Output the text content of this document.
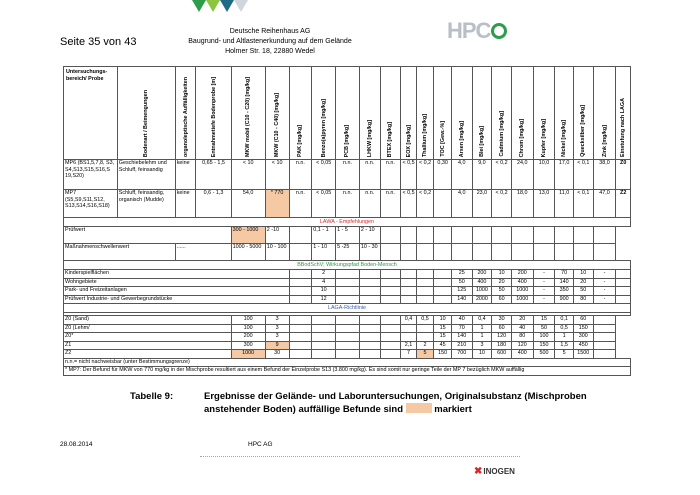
Seite 35 von 43
Deutsche Reihenhaus AG
Baugrund- und Altlastenerkundung auf dem Gelände
Holmer Str. 18, 22880 Wedel
HPC
Untersuchungs-bereich/ Probe	Bodenart / Beimengungen	organoleptische Auffälligkeiten	Entnahmetiefe Bodenprobe [m]	MKW mobil (C10 - C20) [mg/kg]	MKW (C10 - C40) [mg/kg]	PAK [mg/kg]	Benzo(a)pyren [mg/kg]	PCB [mg/kg]	LHKW [mg/kg]	BTEX [mg/kg]	EOX [mg/kg]	Thallium [mg/kg]	TOC [Gew.-%]	Arsen [mg/kg]	Blei [mg/kg]	Cadmium [mg/kg]	Chrom [mg/kg]	Kupfer [mg/kg]	Nickel [mg/kg]	Quecksilber [mg/kg]	Zink [mg/kg]	Einstufung nach LAGA

MP6 (BS1,5,7,8, S3, S4,S13,S15,S16,S 19,S20)	Geschiebelehm und Schluff, feinsandig	keine	0,65 - 1,5	< 10	< 10	n.n.	< 0,05	n.n.	n.n.	n.n.	< 0,5	< 0,2	0,30	4,0	9,0	< 0,2	24,0	10,0	17,0	< 0,1	38,0	Z0
MP7 (S5,S9,S11,S12, S13,S14,S16,S18)	Schluff, feinsandig, organisch (Mudde)	keine	0,6 - 1,3	54,0	* 770	n.n.	< 0,05	n.n.	n.n.	n.n.	< 0,5	< 0,2		4,0	23,0	< 0,2	18,0	13,0	11,0	< 0,1	47,0	Z2
LAWA - Empfehlungen																						
Prüfwert				300 - 1000	2 -10		0,1 - 1	1 - 5	2 - 10													
Maßnahmenschwellenwert		......		1000 - 5000	10 - 100		1 - 10	5 -25	10 - 30													
BBodSchV; Wirkungspfad Boden-Mensch																						
Kinderspielflächen							2							25	200	10	200	-	70	10	-	
Wohngebiete							4							50	400	20	400	-	140	20	-	
Park- und Freizeitanlagen							10							125	1000	50	1000	-	350	50	-	
Prüfwert Industrie- und Gewerbegrundstücke							12							140	2000	60	1000	-	900	80	-	
LAGA-Richtlinie																						

Z0 (Sand)				100	3						0,4	0,5	10	40	0,4	30	20	15	0,1	60		
Z0 (Lehm/				100	3								15	70	1	60	40	50	0,5	150		
Z0*				200	3								15	140	1	120	80	100	1	300		
Z1				300	9						2,1	2	45	210	3	180	120	150	1,5	450		
Z2				1000	30						7	5	150	700	10	600	400	500	5	1500		
n.n.= nicht nachweisbar (unter Bestimmungsgrenze)																						
* MP7: Der Befund für MKW von 770 mg/kg in der Mischprobe resultiert aus einem Befund der Einzelprobe S13 (3.800 mg/kg). Es sind somit nur geringe Teile der MP 7 bezüglich MKW auffällig																						
Tabelle 9:	Ergebnisse der Gelände- und Laboruntersuchungen, Originalsubstanz (Mischproben anstehender Boden) auffällige Befunde sind	markiert
28.08.2014	HPC AG
✖INOGEN
